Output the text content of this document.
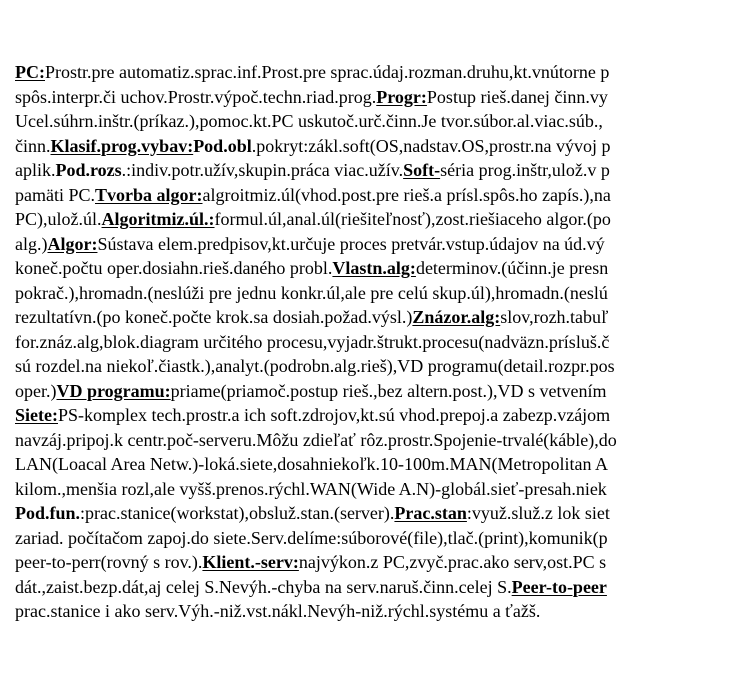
PC:Prostr.pre automatiz.sprac.inf.Prost.pre sprac.údaj.rozman.druhu,kt.vnútorne p
spôs.interpr.či uchov.Prostr.výpoč.techn.riad.prog.Progr:Postup rieš.danej činn.vy
Ucel.súhrn.inštr.(príkaz.),pomoc.kt.PC uskutoč.urč.činn.Je tvor.súbor.al.viac.súb.,
činn.Klasif.prog.vybav:Pod.obl.pokryt:zákl.soft(OS,nadstav.OS,prostr.na vývoj p
aplik.Pod.rozs.:indiv.potr.užív,skupin.práca viac.užív.Soft-séria prog.inštr,ulož.v p
pamäti PC.Tvorba algor:algroitmiz.úl(vhod.post.pre rieš.a prísl.spôs.ho zapís.),na
PC),ulož.úl.Algoritmiz.úl.:formul.úl,anal.úl(riešiteľnosť),zost.riešiaceho algor.(po
alg.)Algor:Sústava elem.predpisov,kt.určuje proces pretvár.vstup.údajov na úd.vý
koneč.počtu oper.dosiahn.rieš.daného probl.Vlastn.alg:determinov.(účinn.je presn
pokrač.),hromadn.(neslúži pre jednu konkr.úl,ale pre celú skup.úl),hromadn.(neslú
rezultatívn.(po koneč.počte krok.sa dosiah.požad.výsl.)Znázor.alg:slov,rozh.tabuľ
for.znáz.alg,blok.diagram určitého procesu,vyjadr.štrukt.procesu(nadväzn.prísluš.č
sú rozdel.na niekoľ.čiastk.),analyt.(podrobn.alg.rieš),VD programu(detail.rozpr.pos
oper.)VD programu:priame(priamoč.postup rieš.,bez altern.post.),VD s vetvením
Siete:PS-komplex tech.prostr.a ich soft.zdrojov,kt.sú vhod.prepoj.a zabezp.vzájom
navzáj.pripoj.k centr.poč-serveru.Môžu zdieľať rôz.prostr.Spojenie-trvalé(káble),do
LAN(Loacal Area Netw.)-loká.siete,dosahniekoľk.10-100m.MAN(Metropolitan A
kilom.,menšia rozl,ale vyšš.prenos.rýchl.WAN(Wide A.N)-globál.sieť-presah.niek
Pod.fun.:prac.stanice(workstat),obsluž.stan.(server).Prac.stan:využ.služ.z lok siet
zariad. počítačom zapoj.do siete.Serv.delíme:súborové(file),tlač.(print),komunik(p
peer-to-perr(rovný s rov.).Klient.-serv:najvýkon.z PC,zvyč.prac.ako serv,ost.PC s
dát.,zaist.bezp.dát,aj celej S.Nevýh.-chyba na serv.naruš.činn.celej S.Peer-to-peer
prac.stanice i ako serv.Výh.-niž.vst.nákl.Nevýh-niž.rýchl.systému a ťažš.
